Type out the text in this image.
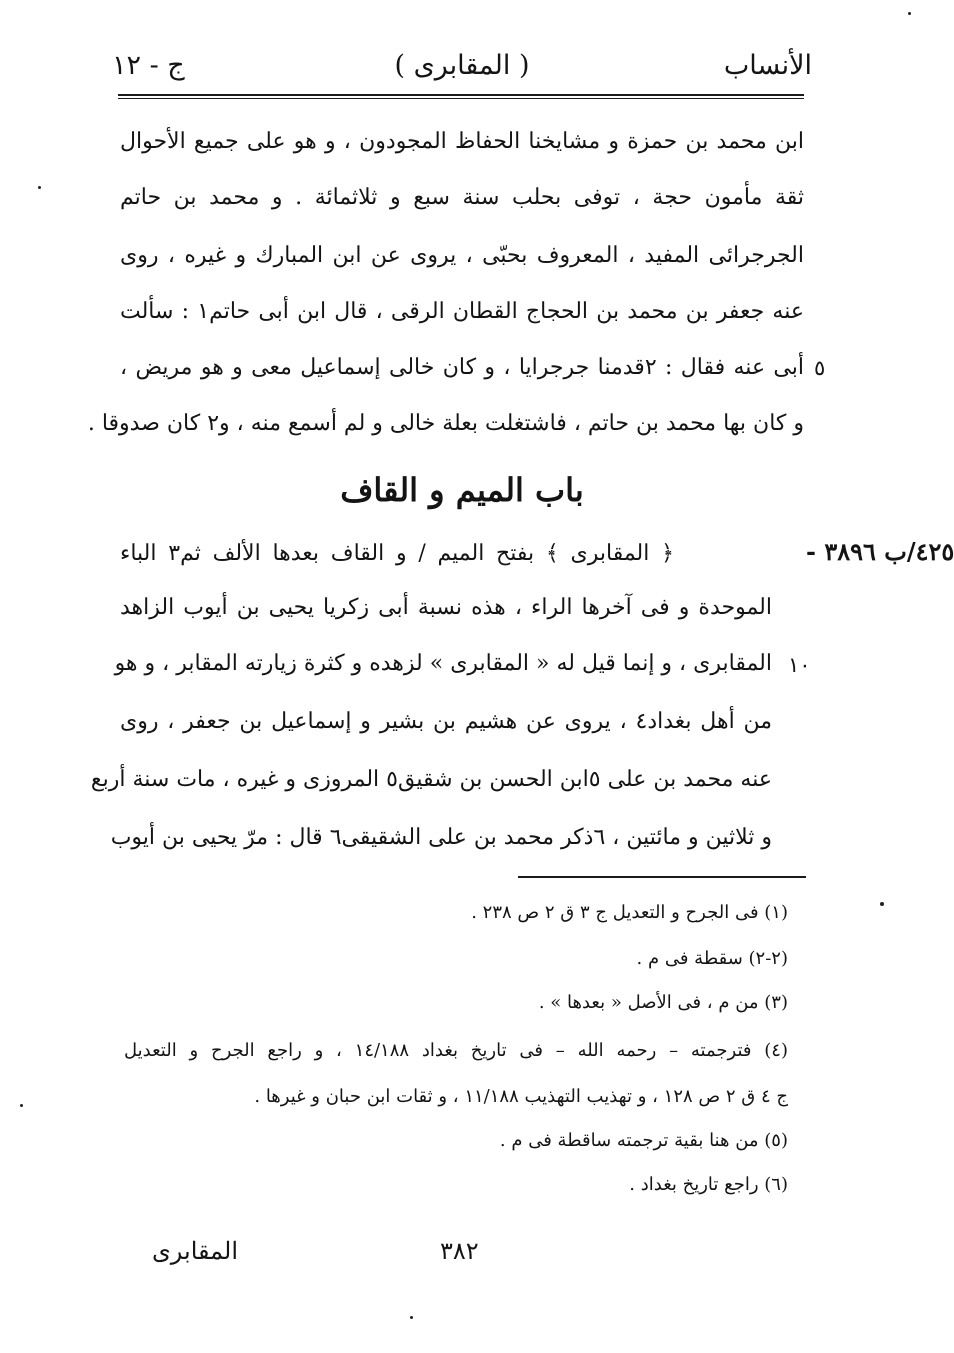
الأنساب
( المقابرى )
ج - ١٢
ابن محمد بن حمزة و مشايخنا الحفاظ المجودون ، و هو على جميع الأحوال
ثقة مأمون حجة ، توفى بحلب سنة سبع و ثلاثمائة . و محمد بن حاتم
الجرجرائى المفيد ، المعروف بحبّى ، يروى عن ابن المبارك و غيره ، روى
عنه جعفر بن محمد بن الحجاج القطان الرقى ، قال ابن أبى حاتم١ : سألت
أبى عنه فقال : ٢قدمنا جرجرايا ، و كان خالى إسماعيل معى و هو مريض ،
و كان بها محمد بن حاتم ، فاشتغلت بعلة خالى و لم أسمع منه ، و٢ كان صدوقا .
٥
باب الميم و القاف
٤٢٥/ب ٣٨٩٦ -
﴿ المقابرى ﴾ بفتح الميم / و القاف بعدها الألف ثم٣ الباء
الموحدة و فى آخرها الراء ، هذه نسبة أبى زكريا يحيى بن أيوب الزاهد
المقابرى ، و إنما قيل له « المقابرى » لزهده و كثرة زيارته المقابر ، و هو
من أهل بغداد٤ ، يروى عن هشيم بن بشير و إسماعيل بن جعفر ، روى
عنه محمد بن على ٥ابن الحسن بن شقيق٥ المروزى و غيره ، مات سنة أربع
و ثلاثين و مائتين ، ٦ذكر محمد بن على الشقيقى٦ قال : مرّ يحيى بن أيوب
١٠
(١) فى الجرح و التعديل ج ٣ ق ٢ ص ٢٣٨ .
(٢-٢) سقطة فى م .
(٣) من م ، فى الأصل « بعدها » .
(٤) فترجمته – رحمه الله – فى تاريخ بغداد ١٤/١٨٨ ، و راجع الجرح و التعديل
ج ٤ ق ٢ ص ١٢٨ ، و تهذيب التهذيب ١١/١٨٨ ، و ثقات ابن حبان و غيرها .
(٥) من هنا بقية ترجمته ساقطة فى م .
(٦) راجع تاريخ بغداد .
٣٨٢
المقابرى
